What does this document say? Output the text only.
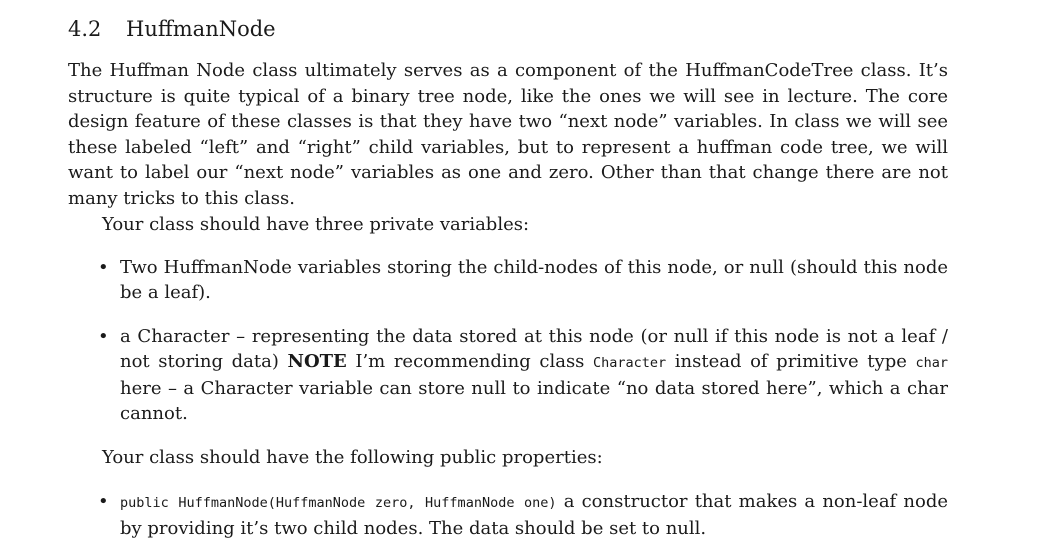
4.2	HuffmanNode

The Huffman Node class ultimately serves as a component of the HuffmanCodeTree class. It’s structure is quite typical of a binary tree node, like the ones we will see in lecture. The core design feature of these classes is that they have two “next node” variables. In class we will see these labeled “left” and “right” child variables, but to represent a huffman code tree, we will want to label our “next node” variables as one and zero. Other than that change there are not many tricks to this class.

Your class should have three private variables:

• Two HuffmanNode variables storing the child-nodes of this node, or null (should this node be a leaf).
• a Character – representing the data stored at this node (or null if this node is not a leaf / not storing data) NOTE I’m recommending class Character instead of primitive type char here – a Character variable can store null to indicate “no data stored here”, which a char cannot.

Your class should have the following public properties:

• public HuffmanNode(HuffmanNode zero, HuffmanNode one) a constructor that makes a non-leaf node by providing it’s two child nodes. The data should be set to null.
